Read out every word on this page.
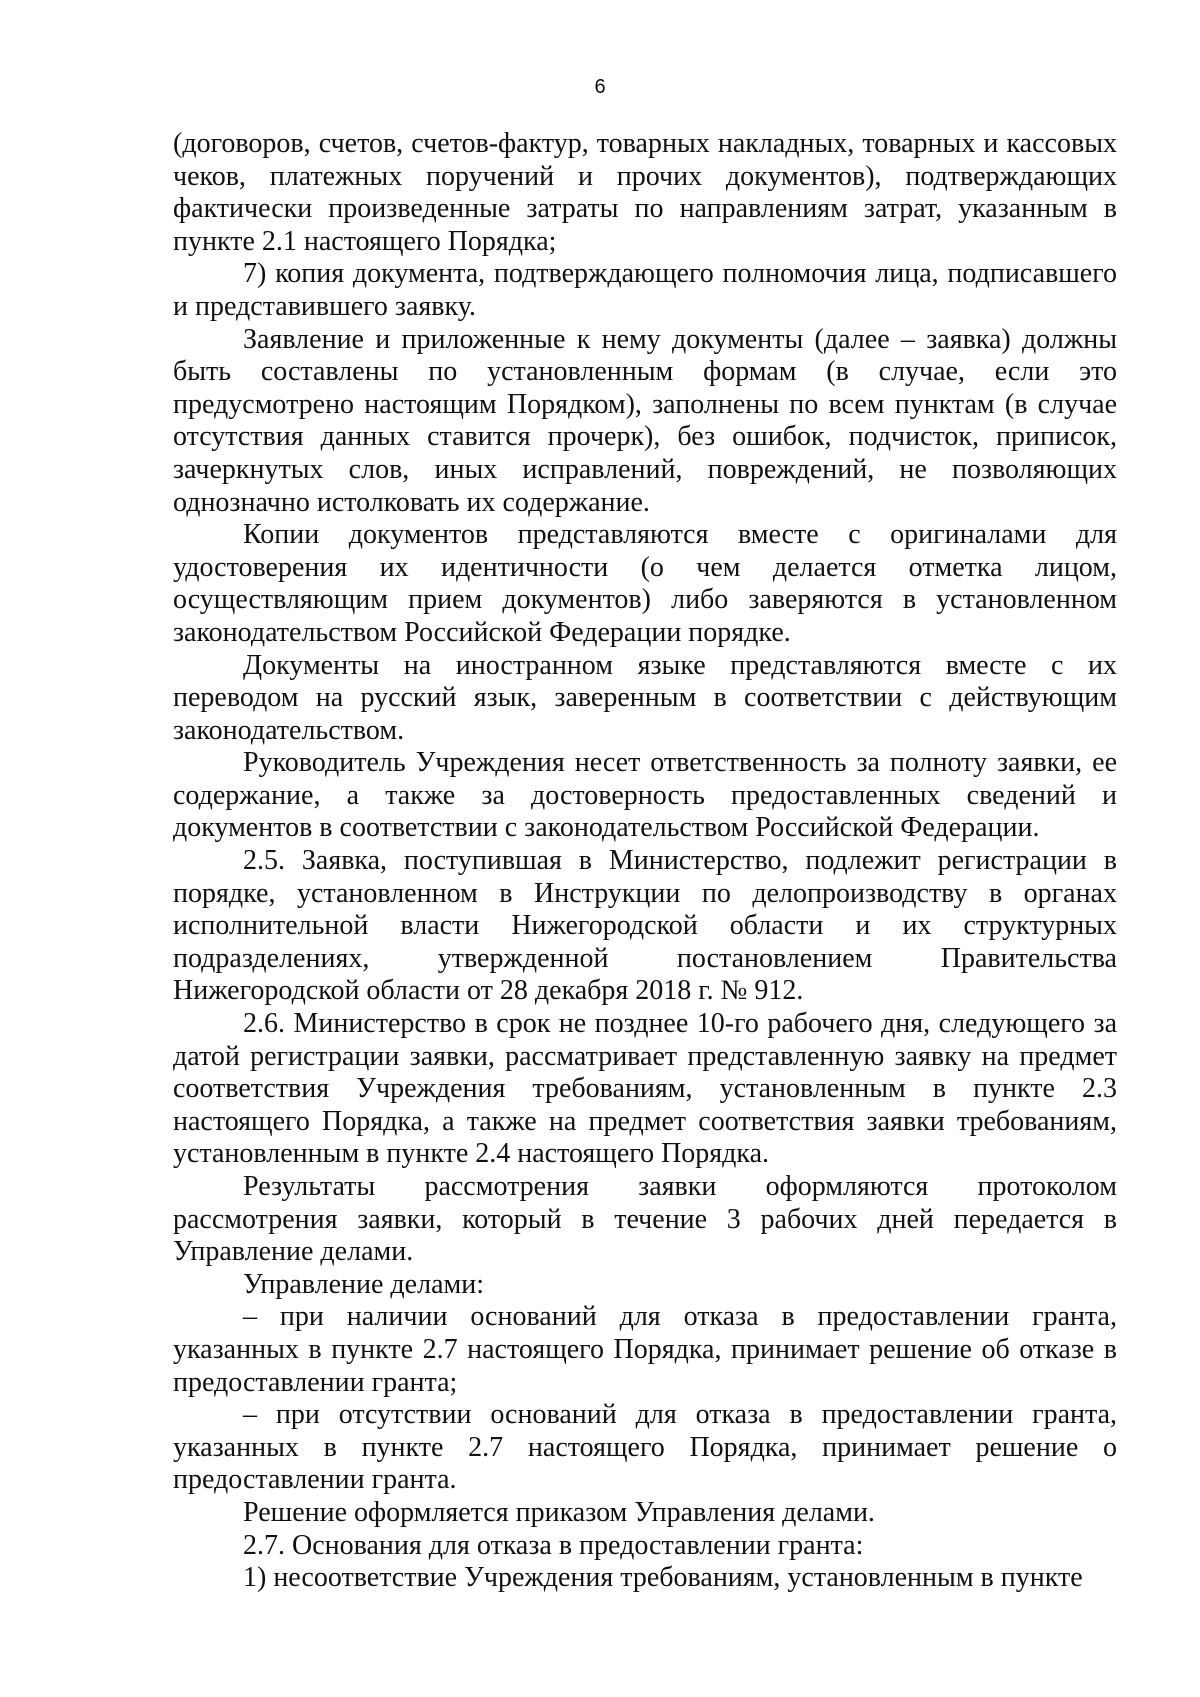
6

(договоров, счетов, счетов-фактур, товарных накладных, товарных и кассовых чеков, платежных поручений и прочих документов), подтверждающих фактически произведенные затраты по направлениям затрат, указанным в пункте 2.1 настоящего Порядка;

7) копия документа, подтверждающего полномочия лица, подписавшего и представившего заявку.

Заявление и приложенные к нему документы (далее – заявка) должны быть составлены по установленным формам (в случае, если это предусмотрено настоящим Порядком), заполнены по всем пунктам (в случае отсутствия данных ставится прочерк), без ошибок, подчисток, приписок, зачеркнутых слов, иных исправлений, повреждений, не позволяющих однозначно истолковать их содержание.

Копии документов представляются вместе с оригиналами для удостоверения их идентичности (о чем делается отметка лицом, осуществляющим прием документов) либо заверяются в установленном законодательством Российской Федерации порядке.

Документы на иностранном языке представляются вместе с их переводом на русский язык, заверенным в соответствии с действующим законодательством.

Руководитель Учреждения несет ответственность за полноту заявки, ее содержание, а также за достоверность предоставленных сведений и документов в соответствии с законодательством Российской Федерации.

2.5. Заявка, поступившая в Министерство, подлежит регистрации в порядке, установленном в Инструкции по делопроизводству в органах исполнительной власти Нижегородской области и их структурных подразделениях, утвержденной постановлением Правительства Нижегородской области от 28 декабря 2018 г. № 912.

2.6. Министерство в срок не позднее 10-го рабочего дня, следующего за датой регистрации заявки, рассматривает представленную заявку на предмет соответствия Учреждения требованиям, установленным в пункте 2.3 настоящего Порядка, а также на предмет соответствия заявки требованиям, установленным в пункте 2.4 настоящего Порядка.

Результаты рассмотрения заявки оформляются протоколом рассмотрения заявки, который в течение 3 рабочих дней передается в Управление делами.

Управление делами:

– при наличии оснований для отказа в предоставлении гранта, указанных в пункте 2.7 настоящего Порядка, принимает решение об отказе в предоставлении гранта;

– при отсутствии оснований для отказа в предоставлении гранта, указанных в пункте 2.7 настоящего Порядка, принимает решение о предоставлении гранта.

Решение оформляется приказом Управления делами.

2.7. Основания для отказа в предоставлении гранта:

1) несоответствие Учреждения требованиям, установленным в пункте
